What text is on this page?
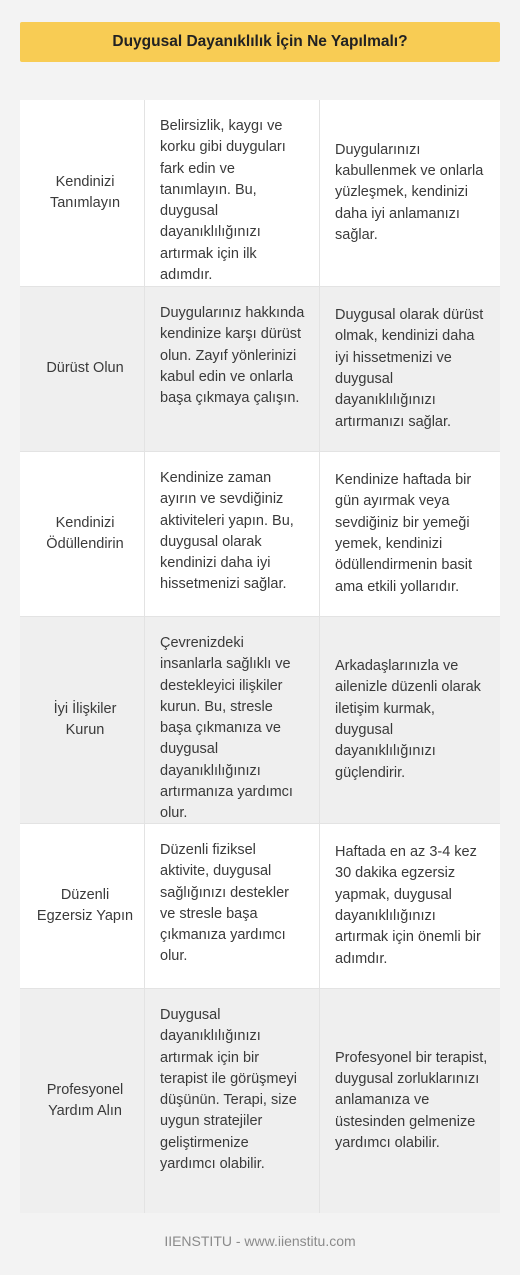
Duygusal Dayanıklılık İçin Ne Yapılmalı?
Kendinizi Tanımlayın
Belirsizlik, kaygı ve korku gibi duyguları fark edin ve tanımlayın. Bu, duygusal dayanıklılığınızı artırmak için ilk adımdır.
Duygularınızı kabullenmek ve onlarla yüzleşmek, kendinizi daha iyi anlamanızı sağlar.
Dürüst Olun
Duygularınız hakkında kendinize karşı dürüst olun. Zayıf yönlerinizi kabul edin ve onlarla başa çıkmaya çalışın.
Duygusal olarak dürüst olmak, kendinizi daha iyi hissetmenizi ve duygusal dayanıklılığınızı artırmanızı sağlar.
Kendinizi Ödüllendirin
Kendinize zaman ayırın ve sevdiğiniz aktiviteleri yapın. Bu, duygusal olarak kendinizi daha iyi hissetmenizi sağlar.
Kendinize haftada bir gün ayırmak veya sevdiğiniz bir yemeği yemek, kendinizi ödüllendirmenin basit ama etkili yollarıdır.
İyi İlişkiler Kurun
Çevrenizdeki insanlarla sağlıklı ve destekleyici ilişkiler kurun. Bu, stresle başa çıkmanıza ve duygusal dayanıklılığınızı artırmanıza yardımcı olur.
Arkadaşlarınızla ve ailenizle düzenli olarak iletişim kurmak, duygusal dayanıklılığınızı güçlendirir.
Düzenli Egzersiz Yapın
Düzenli fiziksel aktivite, duygusal sağlığınızı destekler ve stresle başa çıkmanıza yardımcı olur.
Haftada en az 3-4 kez 30 dakika egzersiz yapmak, duygusal dayanıklılığınızı artırmak için önemli bir adımdır.
Profesyonel Yardım Alın
Duygusal dayanıklılığınızı artırmak için bir terapist ile görüşmeyi düşünün. Terapi, size uygun stratejiler geliştirmenize yardımcı olabilir.
Profesyonel bir terapist, duygusal zorluklarınızı anlamanıza ve üstesinden gelmenize yardımcı olabilir.
IIENSTITU - www.iienstitu.com
